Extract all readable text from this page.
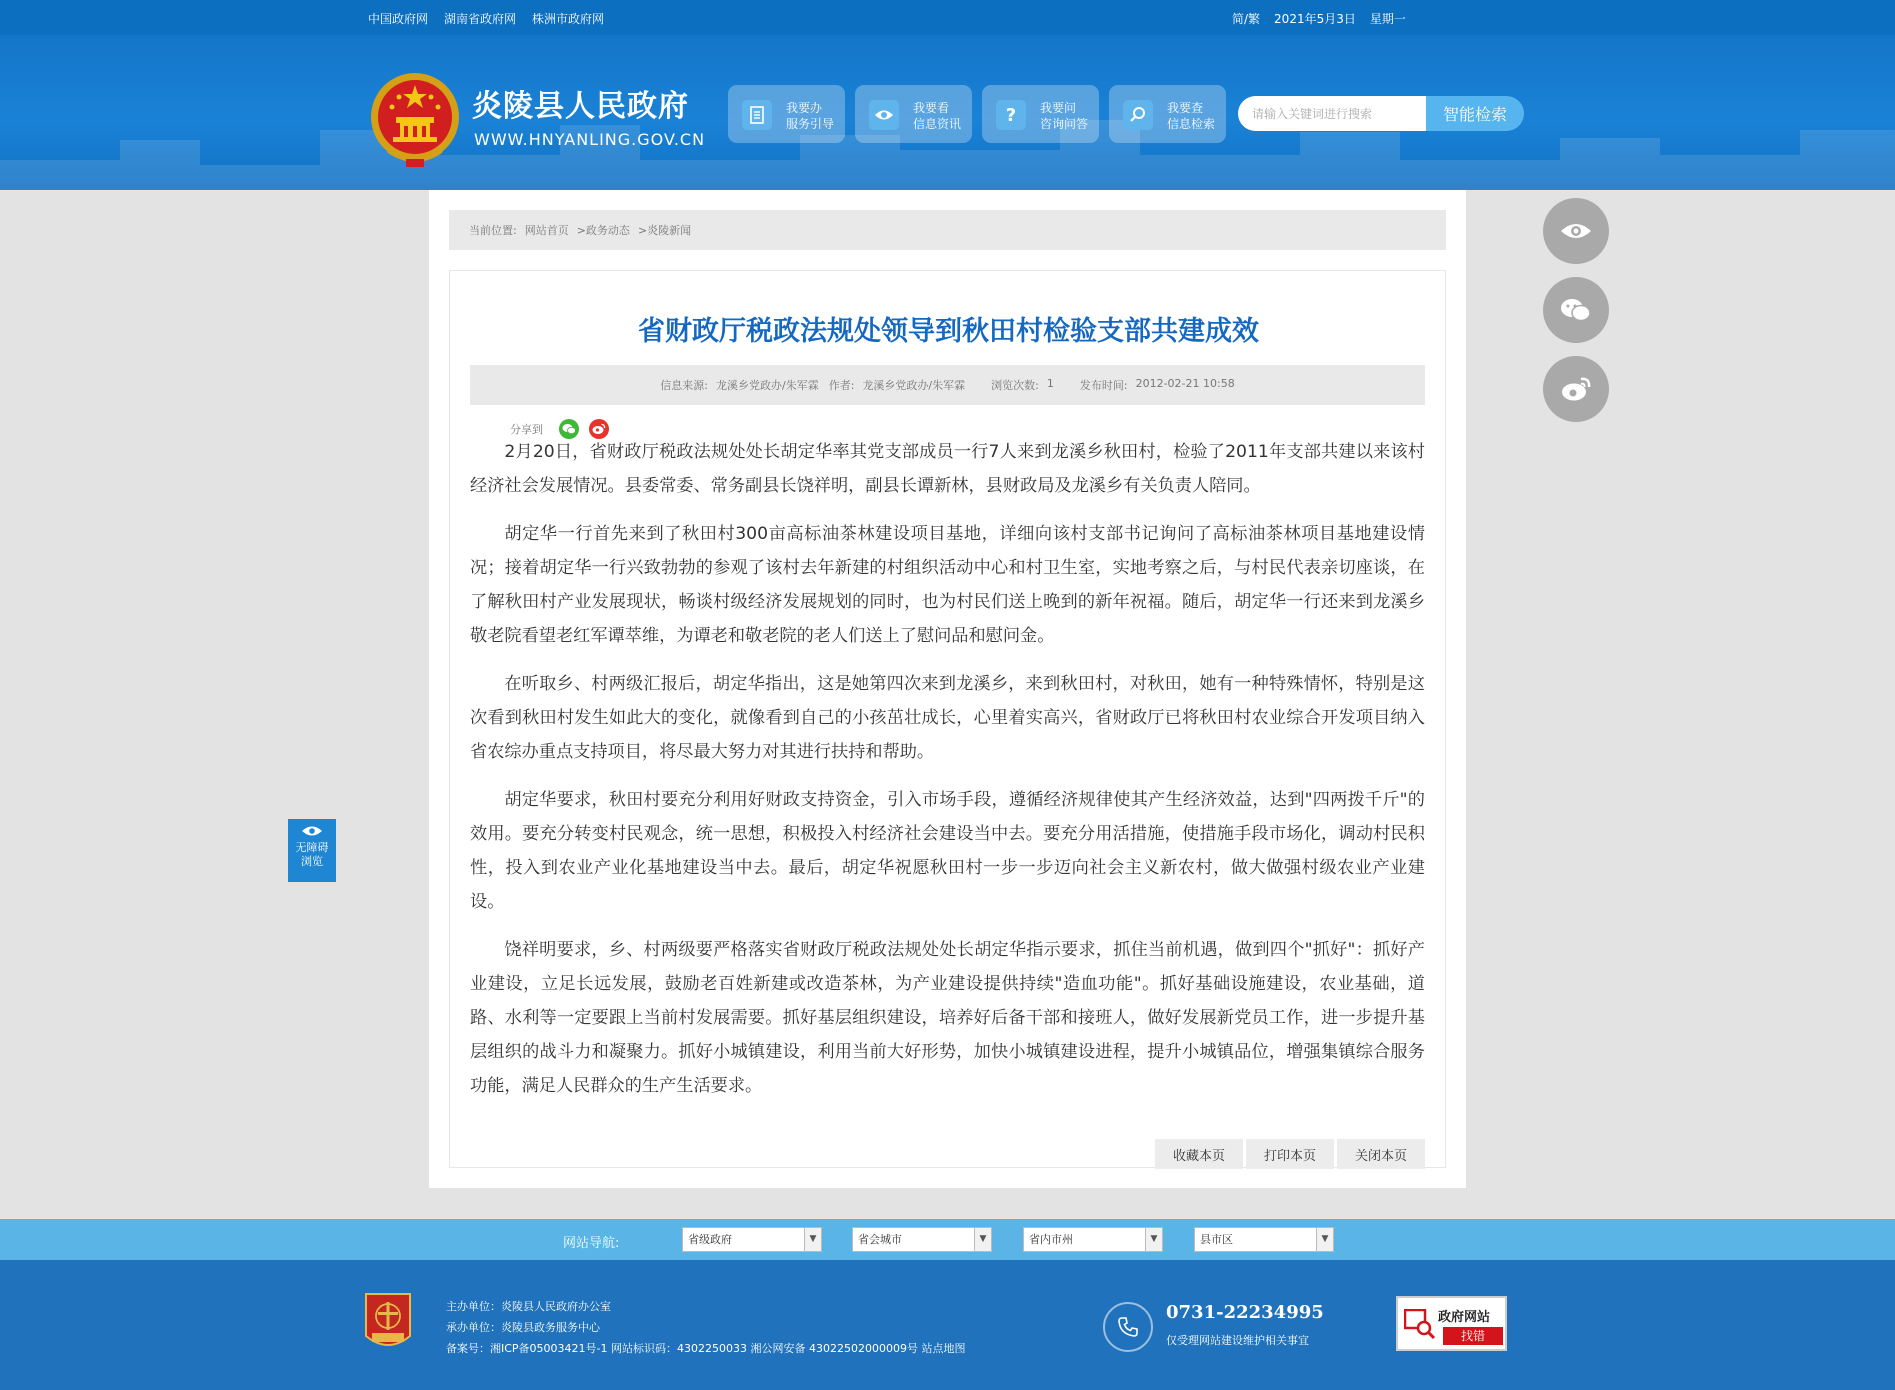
中国政府网 湖南省政府网 株洲市政府网	简/繁 2021年5月3日 星期一
炎陵县人民政府
WWW.HNYANLING.GOV.CN
我要办
服务引导
我要看
信息资讯	?	我要问
咨询问答
我要查
信息检索
请输入关键词进行搜索	智能检索
当前位置: 网站首页 >政务动态 >炎陵新闻
省财政厅税政法规处领导到秋田村检验支部共建成效
信息来源: 龙溪乡党政办/朱军霖 作者: 龙溪乡党政办/朱军霖 浏览次数: 1 发布时间: 2012-02-21 10:58
分享到

2月20日，省财政厅税政法规处处长胡定华率其党支部成员一行7人来到龙溪乡秋田村，检验了2011年支部共建以来该村经济社会发展情况。县委常委、常务副县长饶祥明，副县长谭新林，县财政局及龙溪乡有关负责人陪同。

胡定华一行首先来到了秋田村300亩高标油茶林建设项目基地，详细向该村支部书记询问了高标油茶林项目基地建设情况；接着胡定华一行兴致勃勃的参观了该村去年新建的村组织活动中心和村卫生室，实地考察之后，与村民代表亲切座谈，在了解秋田村产业发展现状，畅谈村级经济发展规划的同时，也为村民们送上晚到的新年祝福。随后，胡定华一行还来到龙溪乡敬老院看望老红军谭萃维，为谭老和敬老院的老人们送上了慰问品和慰问金。

在听取乡、村两级汇报后，胡定华指出，这是她第四次来到龙溪乡，来到秋田村，对秋田，她有一种特殊情怀，特别是这次看到秋田村发生如此大的变化，就像看到自己的小孩茁壮成长，心里着实高兴，省财政厅已将秋田村农业综合开发项目纳入省农综办重点支持项目，将尽最大努力对其进行扶持和帮助。

胡定华要求，秋田村要充分利用好财政支持资金，引入市场手段，遵循经济规律使其产生经济效益，达到"四两拨千斤"的效用。要充分转变村民观念，统一思想，积极投入村经济社会建设当中去。要充分用活措施，使措施手段市场化，调动村民积性，投入到农业产业化基地建设当中去。最后，胡定华祝愿秋田村一步一步迈向社会主义新农村，做大做强村级农业产业建设。

饶祥明要求，乡、村两级要严格落实省财政厅税政法规处处长胡定华指示要求，抓住当前机遇，做到四个"抓好"：抓好产业建设，立足长远发展，鼓励老百姓新建或改造茶林，为产业建设提供持续"造血功能"。抓好基础设施建设，农业基础，道路、水利等一定要跟上当前村发展需要。抓好基层组织建设，培养好后备干部和接班人，做好发展新党员工作，进一步提升基层组织的战斗力和凝聚力。抓好小城镇建设，利用当前大好形势，加快小城镇建设进程，提升小城镇品位，增强集镇综合服务功能，满足人民群众的生产生活要求。

收藏本页	打印本页	关闭本页
无障碍
浏览
网站导航:	省级政府	▼	省会城市	▼	省内市州	▼	县市区	▼
主办单位：炎陵县人民政府办公室
承办单位：炎陵县政务服务中心
备案号：湘ICP备05003421号-1 网站标识码：4302250033 湘公网安备 43022502000009号 站点地图
0731-22234995
仅受理网站建设维护相关事宜
政府网站
找错
